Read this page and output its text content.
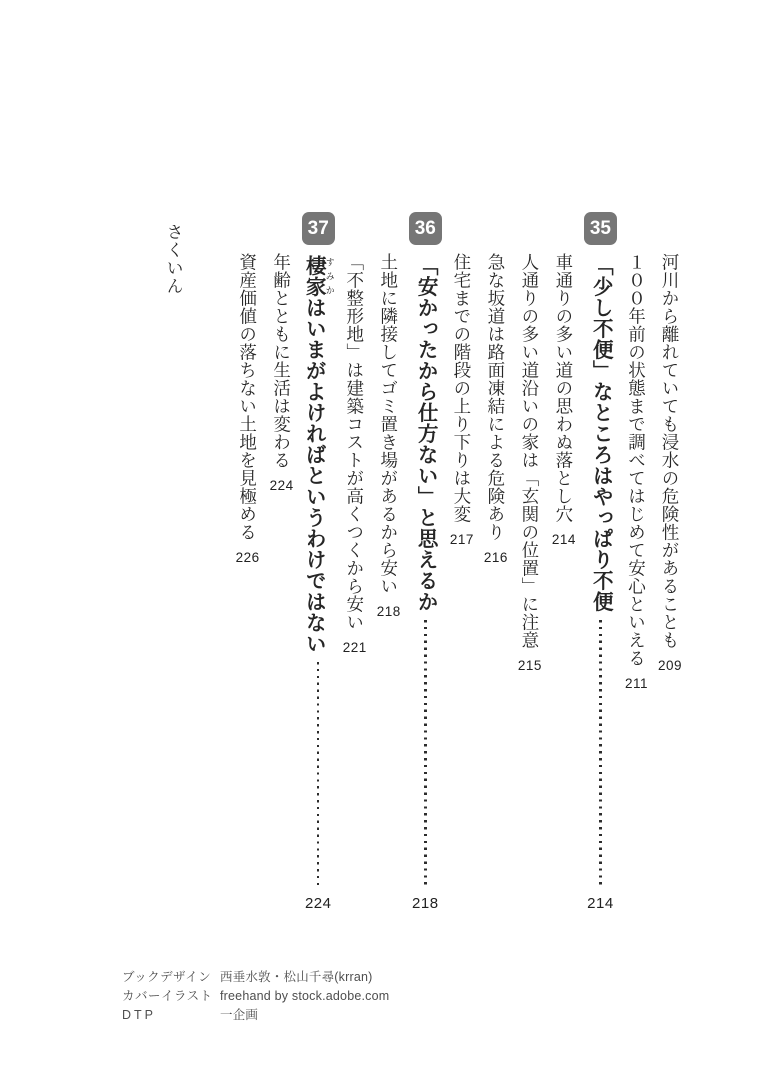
河川から離れていても浸水の危険性があることも209
１００年前の状態まで調べてはじめて安心といえる211
35
「少し不便」なところはやっぱり不便
214
車通りの多い道の思わぬ落とし穴214
人通りの多い道沿いの家は「玄関の位置」に注意215
急な坂道は路面凍結による危険あり216
住宅までの階段の上り下りは大変217
36
「安かったから仕方ない」と思えるか
218
土地に隣接してゴミ置き場があるから安い218
「不整形地」は建築コストが高くつくから安い221
37
棲家 すみかはいまがよければというわけではない
224
年齢とともに生活は変わる224
資産価値の落ちない土地を見極める226
さくいん
ブックデザイン 西垂水敦・松山千尋(krran)
カバーイラスト freehand by stock.adobe.com
DTP	一企画
